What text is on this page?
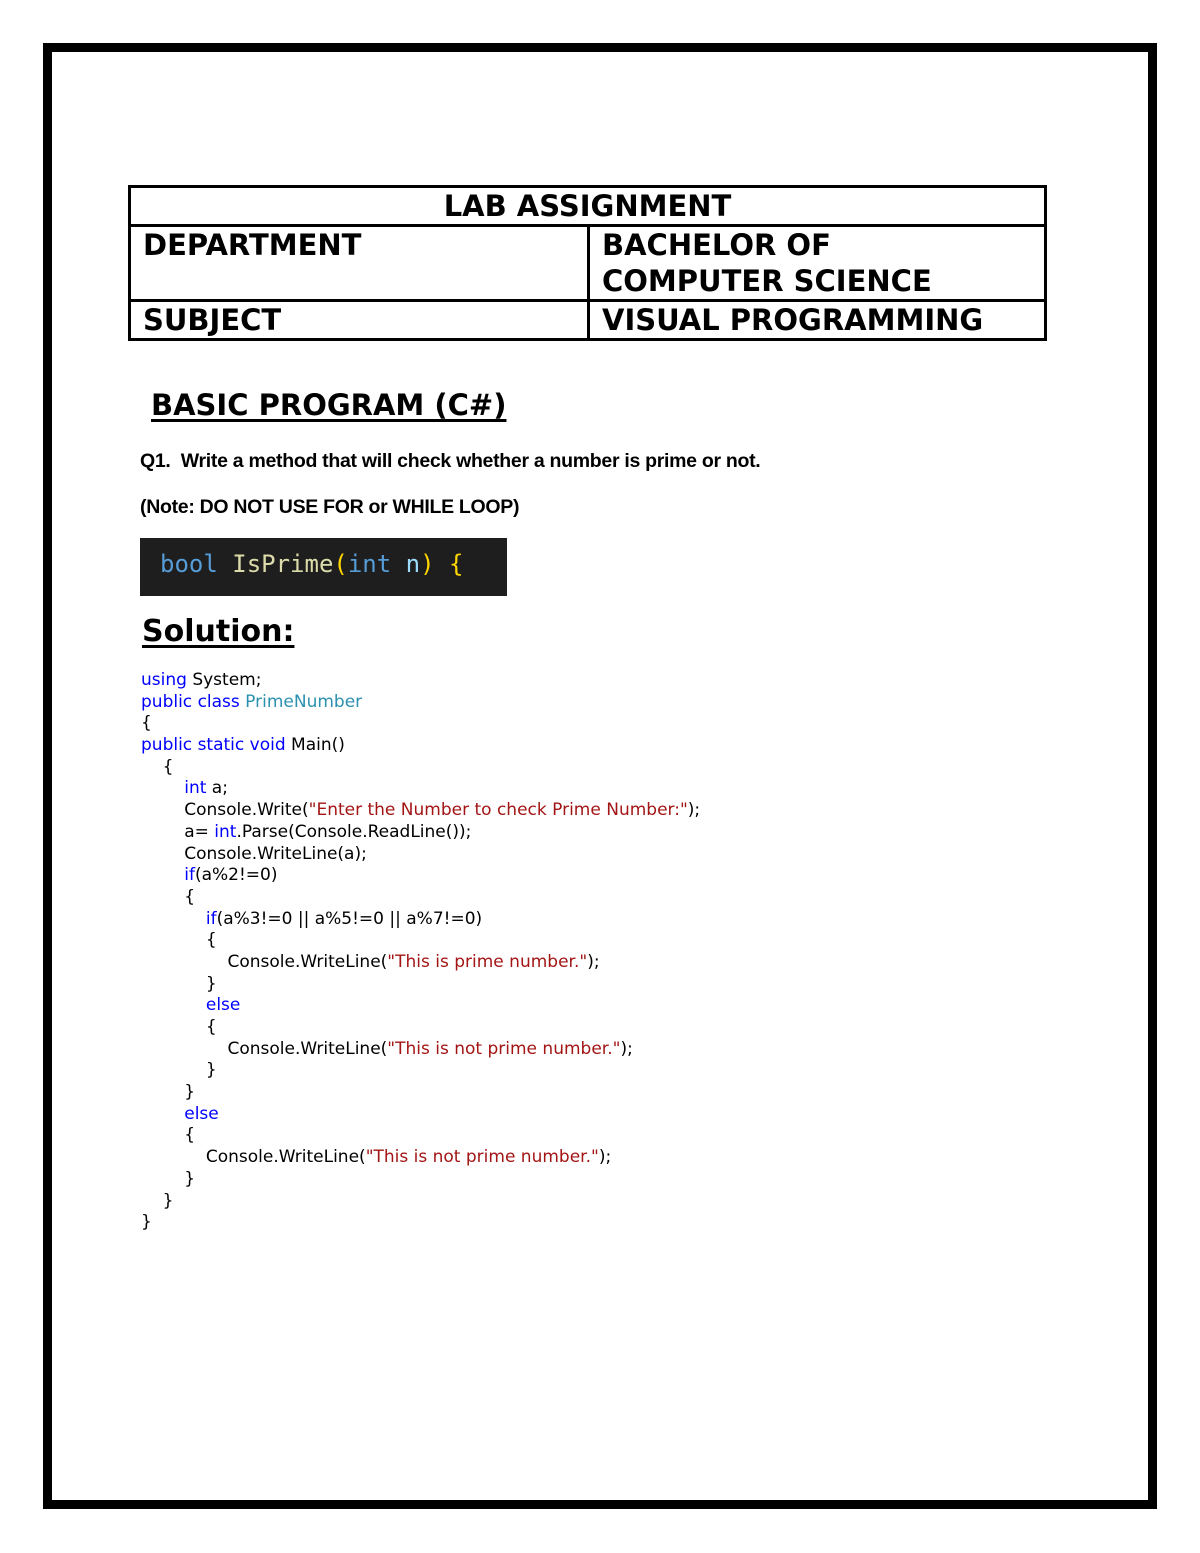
LAB ASSIGNMENT	
DEPARTMENT	BACHELOR OF
COMPUTER SCIENCE

SUBJECT	VISUAL PROGRAMMING
BASIC PROGRAM (C#)

Q1.  Write a method that will check whether a number is prime or not.

(Note: DO NOT USE FOR or WHILE LOOP)

bool IsPrime(int n) {
Solution:
using System;
public class PrimeNumber
{
public static void Main()
{
int a;
Console.Write("Enter the Number to check Prime Number:");
a= int.Parse(Console.ReadLine());
Console.WriteLine(a);
if(a%2!=0)
{
if(a%3!=0 || a%5!=0 || a%7!=0)
{
Console.WriteLine("This is prime number.");
}
else
{
Console.WriteLine("This is not prime number.");
}
}
else
{
Console.WriteLine("This is not prime number.");
}
}
}
